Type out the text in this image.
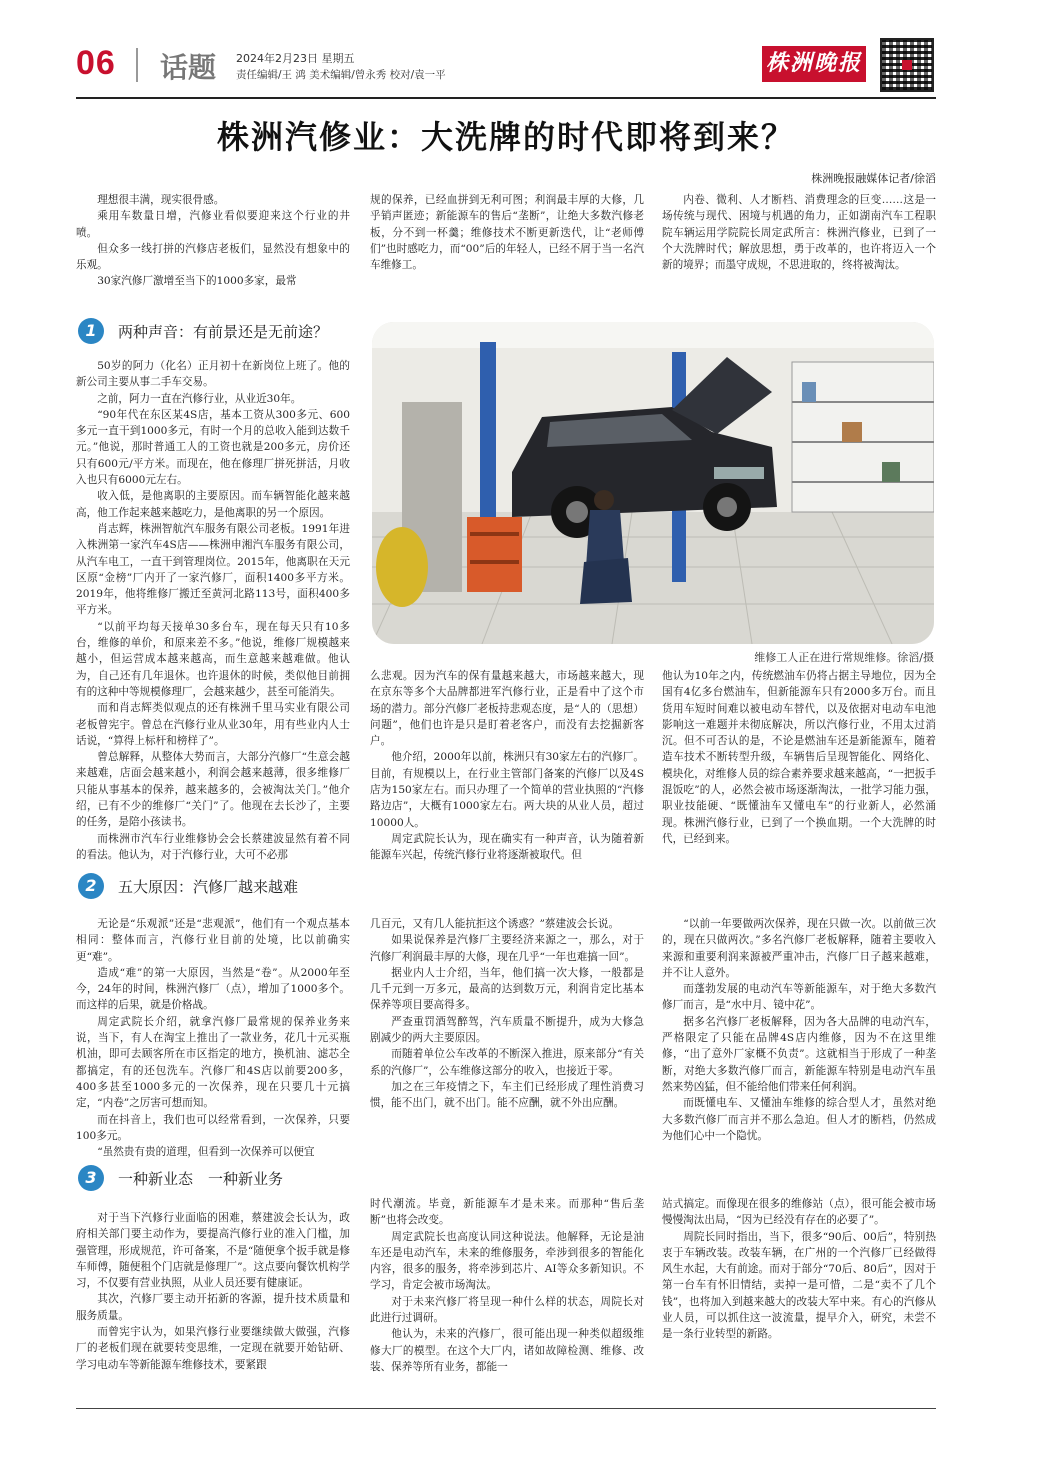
06 话题 2024年2月23日 星期五
责任编辑/王 鸿 美术编辑/曾永秀 校对/袁一平	株洲晚报
株洲汽修业：大洗牌的时代即将到来？
株洲晚报融媒体记者/徐滔

理想很丰满，现实很骨感。

乘用车数量日增，汽修业看似要迎来这个行业的井喷。

但众多一线打拼的汽修店老板们，显然没有想象中的乐观。

30家汽修厂激增至当下的1000多家，最常

规的保养，已经血拼到无利可图；利润最丰厚的大修，几乎销声匿迹；新能源车的售后“垄断”，让绝大多数汽修老板，分不到一杯羹；维修技术不断更新迭代，让“老师傅们”也时感吃力，而“00”后的年轻人，已经不屑于当一名汽车维修工。

内卷、微利、人才断档、消费理念的巨变……这是一场传统与现代、困境与机遇的角力，正如湖南汽车工程职院车辆运用学院院长周定武所言：株洲汽修业，已到了一个大洗牌时代；解放思想，勇于改革的，也许将迈入一个新的境界；而墨守成规，不思进取的，终将被淘汰。

1	两种声音：有前景还是无前途？
维修工人正在进行常规维修。徐滔/摄

50岁的阿力（化名）正月初十在新岗位上班了。他的新公司主要从事二手车交易。

之前，阿力一直在汽修行业，从业近30年。

“90年代在东区某4S店，基本工资从300多元、600多元一直干到1000多元，有时一个月的总收入能到达数千元。”他说，那时普通工人的工资也就是200多元，房价还只有600元/平方米。而现在，他在修理厂拼死拼活，月收入也只有6000元左右。

收入低，是他离职的主要原因。而车辆智能化越来越高，他工作起来越来越吃力，是他离职的另一个原因。

肖志辉，株洲智航汽车服务有限公司老板。1991年进入株洲第一家汽车4S店——株洲申湘汽车服务有限公司，从汽车电工，一直干到管理岗位。2015年，他离职在天元区原“金榜”厂内开了一家汽修厂，面积1400多平方米。2019年，他将维修厂搬迁至黄河北路113号，面积400多平方米。

“以前平均每天接单30多台车，现在每天只有10多台，维修的单价，和原来差不多。”他说，维修厂规模越来越小，但运营成本越来越高，而生意越来越难做。他认为，自己还有几年退休。也许退休的时候，类似他目前拥有的这种中等规模修理厂，会越来越少，甚至可能消失。

而和肖志辉类似观点的还有株洲千里马实业有限公司老板曾宪宇。曾总在汽修行业从业30年，用有些业内人士话说，“算得上标杆和榜样了”。

曾总解释，从整体大势而言，大部分汽修厂“生意会越来越难，店面会越来越小，利润会越来越薄，很多维修厂只能从事基本的保养，越来越多的，会被淘汰关门。”他介绍，已有不少的维修厂“关门”了。他现在去长沙了，主要的任务，是陪小孩读书。

而株洲市汽车行业维修协会会长蔡建波显然有着不同的看法。他认为，对于汽修行业，大可不必那

么悲观。因为汽车的保有量越来越大，市场越来越大，现在京东等多个大品牌都进军汽修行业，正是看中了这个市场的潜力。部分汽修厂老板持悲观态度，是“人的（思想）问题”，他们也许是只是盯着老客户，而没有去挖掘新客户。

他介绍，2000年以前，株洲只有30家左右的汽修厂。目前，有规模以上，在行业主管部门备案的汽修厂以及4S店为150家左右。而只办理了一个简单的营业执照的“汽修路边店”，大概有1000家左右。两大块的从业人员，超过10000人。

周定武院长认为，现在确实有一种声音，认为随着新能源车兴起，传统汽修行业将逐渐被取代。但

他认为10年之内，传统燃油车仍将占据主导地位，因为全国有4亿多台燃油车，但新能源车只有2000多万台。而且货用车短时间难以被电动车替代，以及依据对电动车电池影响这一难题并未彻底解决，所以汽修行业，不用太过消沉。但不可否认的是，不论是燃油车还是新能源车，随着造车技术不断转型升级，车辆售后呈现智能化、网络化、模块化，对维修人员的综合素养要求越来越高，“一把扳手混饭吃”的人，必然会被市场逐渐淘汰，一批学习能力强，职业技能硬、“既懂油车又懂电车”的行业新人，必然涌现。株洲汽修行业，已到了一个换血期。一个大洗牌的时代，已经到来。

2	五大原因：汽修厂越来越难

无论是“乐观派”还是“悲观派”，他们有一个观点基本相同：整体而言，汽修行业目前的处境，比以前确实更“难”。

造成“难”的第一大原因，当然是“卷”。从2000年至今，24年的时间，株洲汽修厂（点），增加了1000多个。而这样的后果，就是价格战。

周定武院长介绍，就拿汽修厂最常规的保养业务来说，当下，有人在淘宝上推出了一款业务，花几十元买瓶机油，即可去顾客所在市区指定的地方，换机油、滤芯全都搞定，有的还包洗车。汽修厂和4S店以前要200多，400多甚至1000多元的一次保养，现在只要几十元搞定，“内卷”之厉害可想而知。

而在抖音上，我们也可以经常看到，一次保养，只要100多元。

“虽然贵有贵的道理，但看到一次保养可以便宜

几百元，又有几人能抗拒这个诱惑？”蔡建波会长说。

如果说保养是汽修厂主要经济来源之一，那么，对于汽修厂利润最丰厚的大修，现在几乎“一年也难搞一回”。

据业内人士介绍，当年，他们搞一次大修，一般都是几千元到一万多元，最高的达到数万元，利润肯定比基本保养等项目要高得多。

严查重罚酒驾醉驾，汽车质量不断提升，成为大修急剧减少的两大主要原因。

而随着单位公车改革的不断深入推进，原来部分“有关系的汽修厂”，公车维修这部分的收入，也接近于零。

加之在三年疫情之下，车主们已经形成了理性消费习惯，能不出门，就不出门。能不应酬，就不外出应酬。

“以前一年要做两次保养，现在只做一次。以前做三次的，现在只做两次。”多名汽修厂老板解释，随着主要收入来源和重要利润来源被严重冲击，汽修厂日子越来越难，并不让人意外。

而蓬勃发展的电动汽车等新能源车，对于绝大多数汽修厂而言，是“水中月、镜中花”。

据多名汽修厂老板解释，因为各大品牌的电动汽车，严格限定了只能在品牌4S店内维修，因为不在这里维修，“出了意外厂家概不负责”。这就相当于形成了一种垄断，对绝大多数汽修厂而言，新能源车特别是电动汽车虽然来势凶猛，但不能给他们带来任何利润。

而既懂电车、又懂油车维修的综合型人才，虽然对绝大多数汽修厂而言并不那么急迫。但人才的断档，仍然成为他们心中一个隐忧。

3	一种新业态　一种新业务

对于当下汽修行业面临的困难，蔡建波会长认为，政府相关部门要主动作为，要提高汽修行业的准入门槛，加强管理，形成规范，许可备案，不是“随便拿个扳手就是修车师傅，随便租个门店就是修理厂”。这点要向餐饮机构学习，不仅要有营业执照，从业人员还要有健康证。

其次，汽修厂要主动开拓新的客源，提升技术质量和服务质量。

而曾宪宇认为，如果汽修行业要继续做大做强，汽修厂的老板们现在就要转变思维，一定现在就要开始钻研、学习电动车等新能源车维修技术，要紧跟

时代潮流。毕竟，新能源车才是未来。而那种“售后垄断”也将会改变。

周定武院长也高度认同这种说法。他解释，无论是油车还是电动汽车，未来的维修服务，牵涉到很多的智能化内容，很多的服务，将牵涉到芯片、AI等众多新知识。不学习，肯定会被市场淘汰。

对于未来汽修厂将呈现一种什么样的状态，周院长对此进行过调研。

他认为，未来的汽修厂，很可能出现一种类似超级维修大厂的模型。在这个大厂内，诸如故障检测、维修、改装、保养等所有业务，都能一

站式搞定。而像现在很多的维修站（点），很可能会被市场慢慢淘汰出局，“因为已经没有存在的必要了”。

周院长同时指出，当下，很多“90后、00后”，特别热衷于车辆改装。改装车辆，在广州的一个汽修厂已经做得风生水起，大有前途。而对于部分“70后、80后”，因对于第一台车有怀旧情结，卖掉一是可惜，二是“卖不了几个钱”，也将加入到越来越大的改装大军中来。有心的汽修从业人员，可以抓住这一波流量，提早介入，研究，未尝不是一条行业转型的新路。
